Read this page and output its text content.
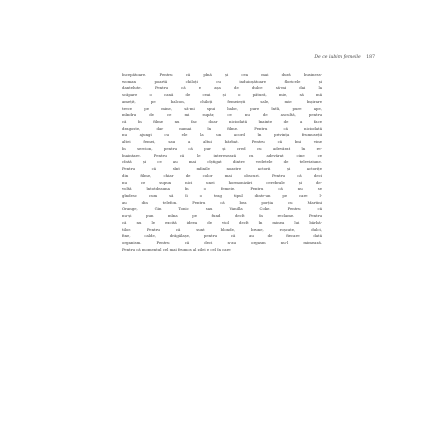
De ce iubim femeile 187
începătoare. Pentru că pînă și cea mai dură business-
woman poartă chiloți cu induioșătoare floricele și
dantelute. Pentru că e așa de dulce să-mi dai la
scăpare o cană de ceai și o pătură, mie, să mă
amețit, pe balcon, chiloți femeiești sale, mie înșirare
trece pe mine, să-mi spui babe, pure întîi, pure ape,
mîndru de ce mi supăr, ce nu de ascultă, pentru
că în filme nu fac doar niciodată înainte de a face
dragoste, dar numai în filme. Pentru că niciodată
nu ajungi cu ele la un acord în privința frumuseții
altei femei, sau a altui bărbat. Pentru că îmi vine
în sercion, pentru că pur și cred cu adevărat în re-
înaintare. Pentru că le interesează cu adevărat cine ce
cîntă și ce au mai cîștigat dintre vedetele de televiziune.
Pentru că sînt mîinile noastre actorii și actorițe
din filme, chiar de color mai obscuri. Pentru că deci
nu ce supun nici unei hormonizări cerebrale și de-
voltă întotdeauna în o femeie. Pentru că nu se
gîndesc cum să îi o trag tipul dintr-un pe care l-
au din telefon. Pentru că bea porția cu Martini
Orange, Gin Tonic sau Vanilla Coke. Pentru că
nu-și pun mîna pe fund decît în reclame. Pentru
că nu le excită ideea de viol decît în minea lui bărbă-
tilor. Pentru că sunt blonde, brune, roșcate, dulci,
fine, calde, drăgălașe, pentru că au de fiecare dată
organism. Pentru că deci n-au orgasm nu-l mimează.
Pentru că momentul cel mai frumos al zilei e cel în care
